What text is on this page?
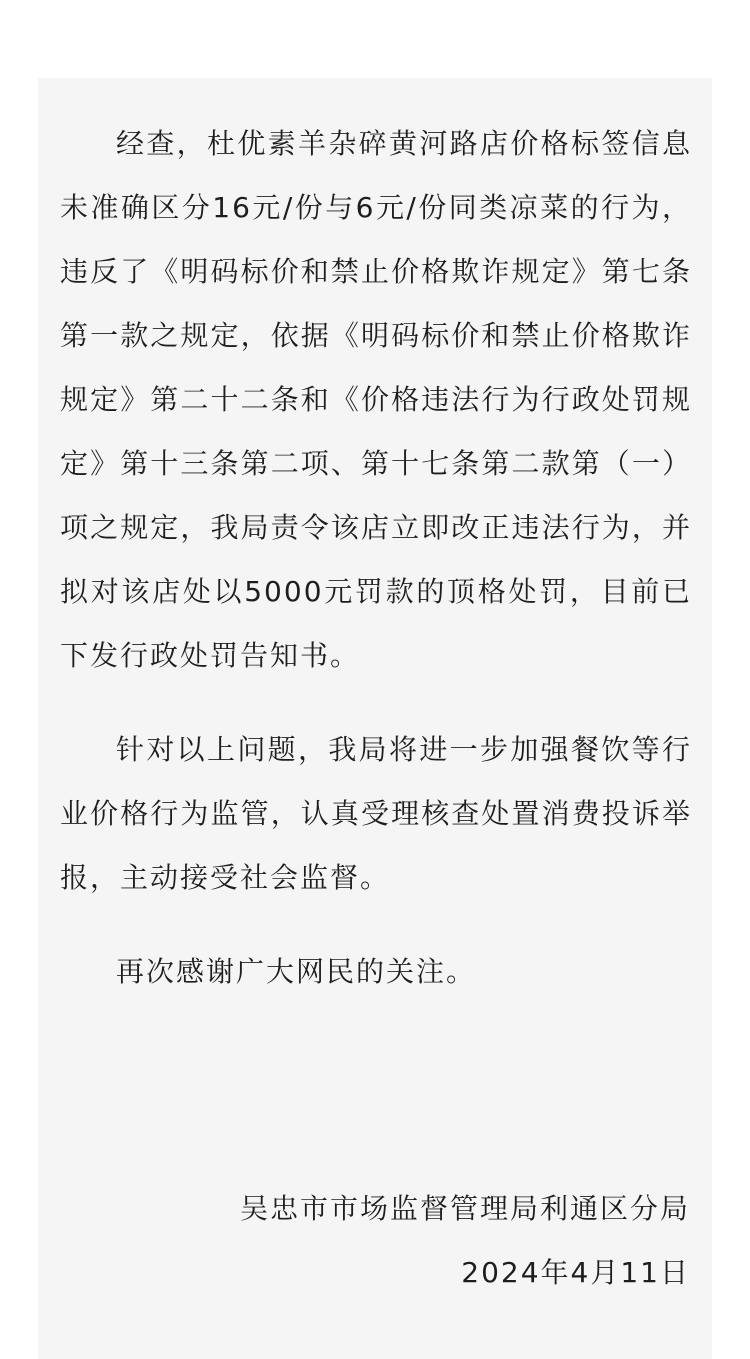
经查，杜优素羊杂碎黄河路店价格标签信息未准确区分16元/份与6元/份同类凉菜的行为，违反了《明码标价和禁止价格欺诈规定》第七条第一款之规定，依据《明码标价和禁止价格欺诈规定》第二十二条和《价格违法行为行政处罚规定》第十三条第二项、第十七条第二款第（一）项之规定，我局责令该店立即改正违法行为，并拟对该店处以5000元罚款的顶格处罚，目前已下发行政处罚告知书。

针对以上问题，我局将进一步加强餐饮等行业价格行为监管，认真受理核查处置消费投诉举报，主动接受社会监督。

再次感谢广大网民的关注。

吴忠市市场监督管理局利通区分局
2024年4月11日
